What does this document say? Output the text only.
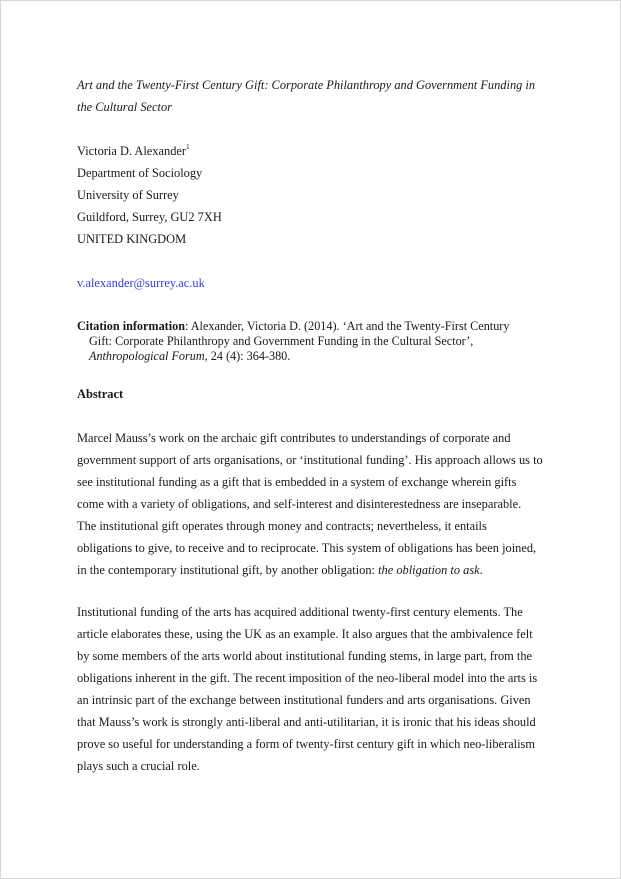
Art and the Twenty-First Century Gift: Corporate Philanthropy and Government Funding in
the Cultural Sector
Victoria D. Alexander$^1$
Department of Sociology
University of Surrey
Guildford, Surrey, GU2 7XH
UNITED KINGDOM
v.alexander@surrey.ac.uk
Citation information: Alexander, Victoria D. (2014). ‘Art and the Twenty-First Century
Gift: Corporate Philanthropy and Government Funding in the Cultural Sector’,
Anthropological Forum, 24 (4): 364-380.
Abstract
Marcel Mauss’s work on the archaic gift contributes to understandings of corporate and
government support of arts organisations, or ‘institutional funding’. His approach allows us to
see institutional funding as a gift that is embedded in a system of exchange wherein gifts
come with a variety of obligations, and self-interest and disinterestedness are inseparable.
The institutional gift operates through money and contracts; nevertheless, it entails
obligations to give, to receive and to reciprocate. This system of obligations has been joined,
in the contemporary institutional gift, by another obligation: the obligation to ask.
Institutional funding of the arts has acquired additional twenty-first century elements. The
article elaborates these, using the UK as an example. It also argues that the ambivalence felt
by some members of the arts world about institutional funding stems, in large part, from the
obligations inherent in the gift. The recent imposition of the neo-liberal model into the arts is
an intrinsic part of the exchange between institutional funders and arts organisations. Given
that Mauss’s work is strongly anti-liberal and anti-utilitarian, it is ironic that his ideas should
prove so useful for understanding a form of twenty-first century gift in which neo-liberalism
plays such a crucial role.
